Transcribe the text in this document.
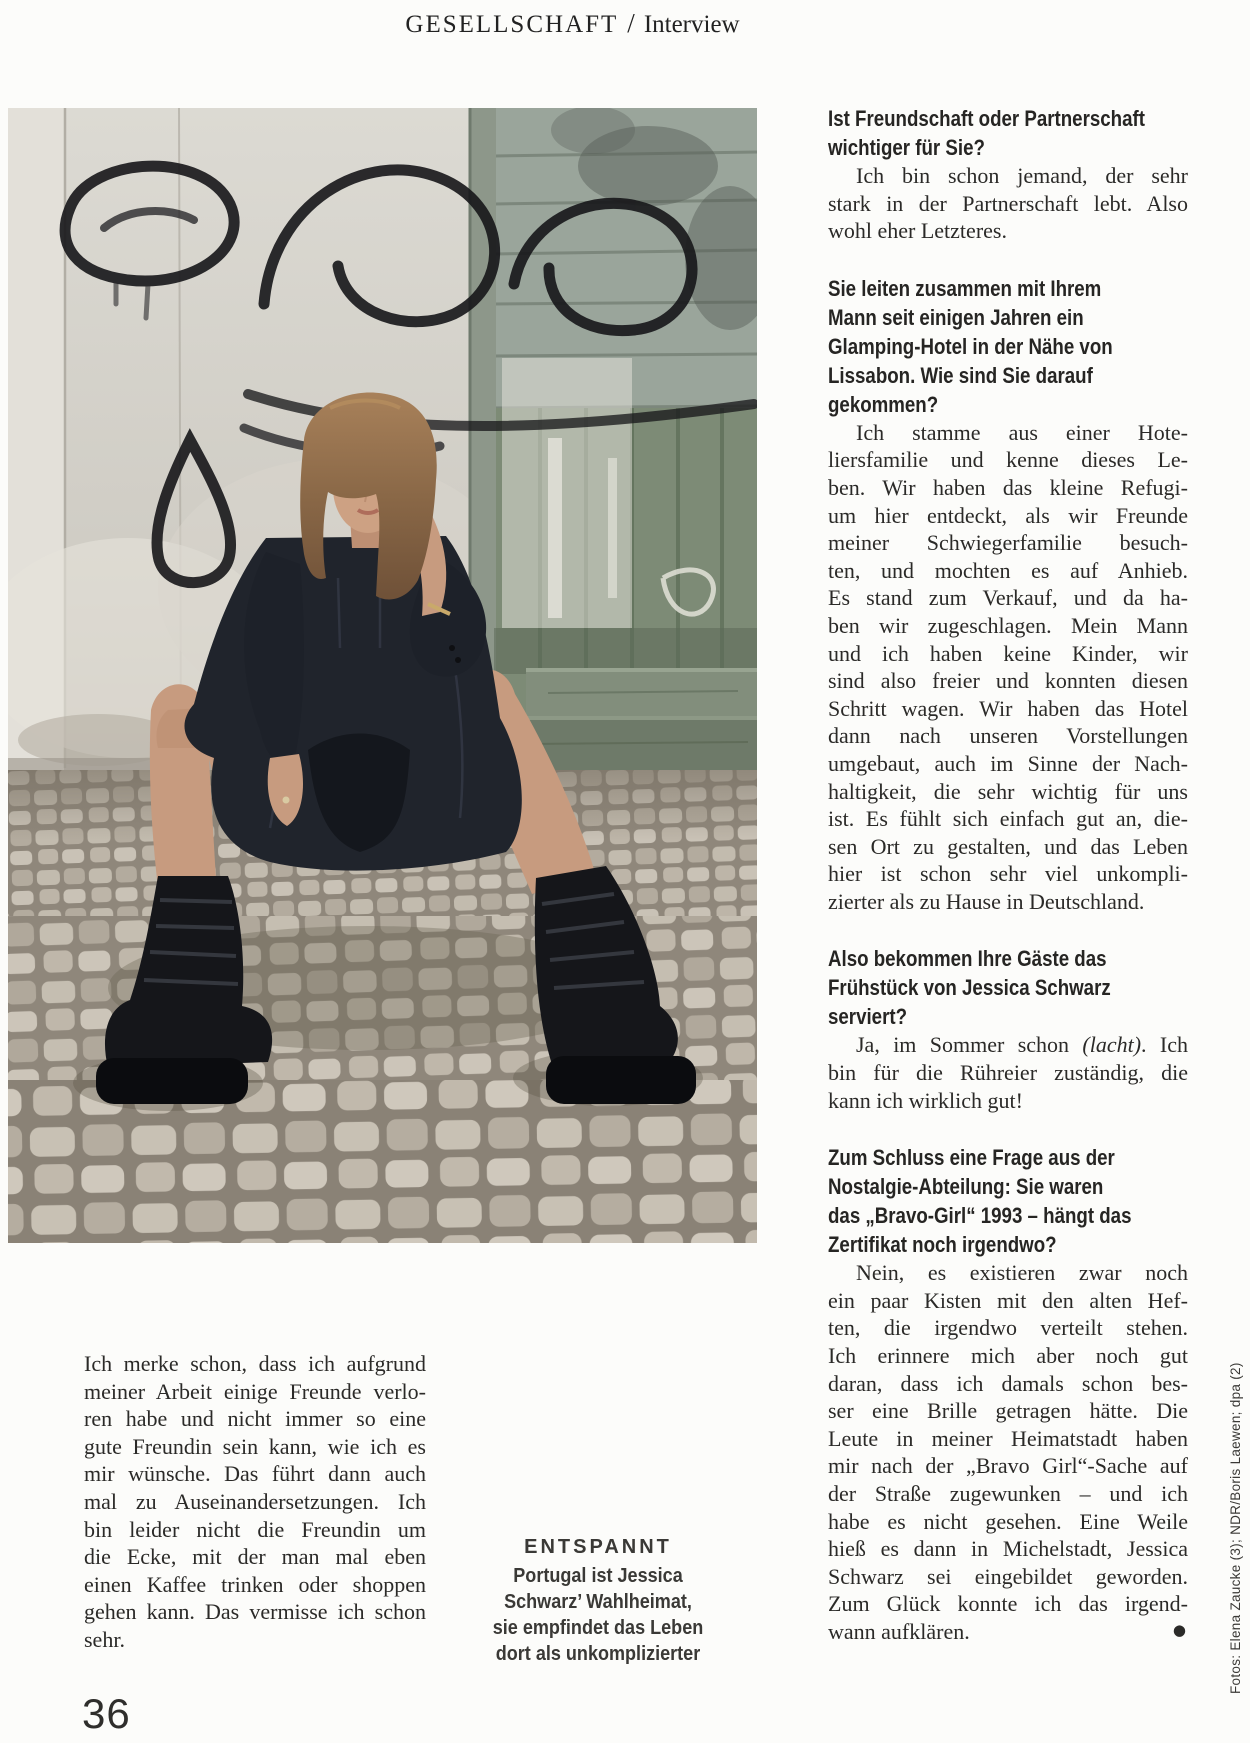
GESELLSCHAFT / Interview
Ich merke schon, dass ich aufgrund
meiner Arbeit einige Freunde verlo-
ren habe und nicht immer so eine
gute Freundin sein kann, wie ich es
mir wünsche. Das führt dann auch
mal zu Auseinandersetzungen. Ich
bin leider nicht die Freundin um
die Ecke, mit der man mal eben
einen Kaffee trinken oder shoppen
gehen kann. Das vermisse ich schon
sehr.
ENTSPANNT
Portugal ist Jessica
Schwarz’ Wahlheimat,
sie empfindet das Leben
dort als unkomplizierter
Ist Freundschaft oder Partnerschaft
wichtiger für Sie?
Ich bin schon jemand, der sehr
stark in der Partnerschaft lebt. Also
wohl eher Letzteres.
Sie leiten zusammen mit Ihrem
Mann seit einigen Jahren ein
Glamping-Hotel in der Nähe von
Lissabon. Wie sind Sie darauf
gekommen?
Ich stamme aus einer Hote-
liersfamilie und kenne dieses Le-
ben. Wir haben das kleine Refugi-
um hier entdeckt, als wir Freunde
meiner Schwiegerfamilie besuch-
ten, und mochten es auf Anhieb.
Es stand zum Verkauf, und da ha-
ben wir zugeschlagen. Mein Mann
und ich haben keine Kinder, wir
sind also freier und konnten diesen
Schritt wagen. Wir haben das Hotel
dann nach unseren Vorstellungen
umgebaut, auch im Sinne der Nach-
haltigkeit, die sehr wichtig für uns
ist. Es fühlt sich einfach gut an, die-
sen Ort zu gestalten, und das Leben
hier ist schon sehr viel unkompli-
zierter als zu Hause in Deutschland.
Also bekommen Ihre Gäste das
Frühstück von Jessica Schwarz
serviert?
Ja, im Sommer schon (lacht). Ich
bin für die Rühreier zuständig, die
kann ich wirklich gut!
Zum Schluss eine Frage aus der
Nostalgie-Abteilung: Sie waren
das „Bravo-Girl“ 1993 – hängt das
Zertifikat noch irgendwo?
Nein, es existieren zwar noch
ein paar Kisten mit den alten Hef-
ten, die irgendwo verteilt stehen.
Ich erinnere mich aber noch gut
daran, dass ich damals schon bes-
ser eine Brille getragen hätte. Die
Leute in meiner Heimatstadt haben
mir nach der „Bravo Girl“-Sache auf
der Straße zugewunken – und ich
habe es nicht gesehen. Eine Weile
hieß es dann in Michelstadt, Jessica
Schwarz sei eingebildet geworden.
Zum Glück konnte ich das irgend-
wann aufklären.	●	Fotos: Elena Zaucke (3); NDR/Boris Laewen; dpa (2)
36
